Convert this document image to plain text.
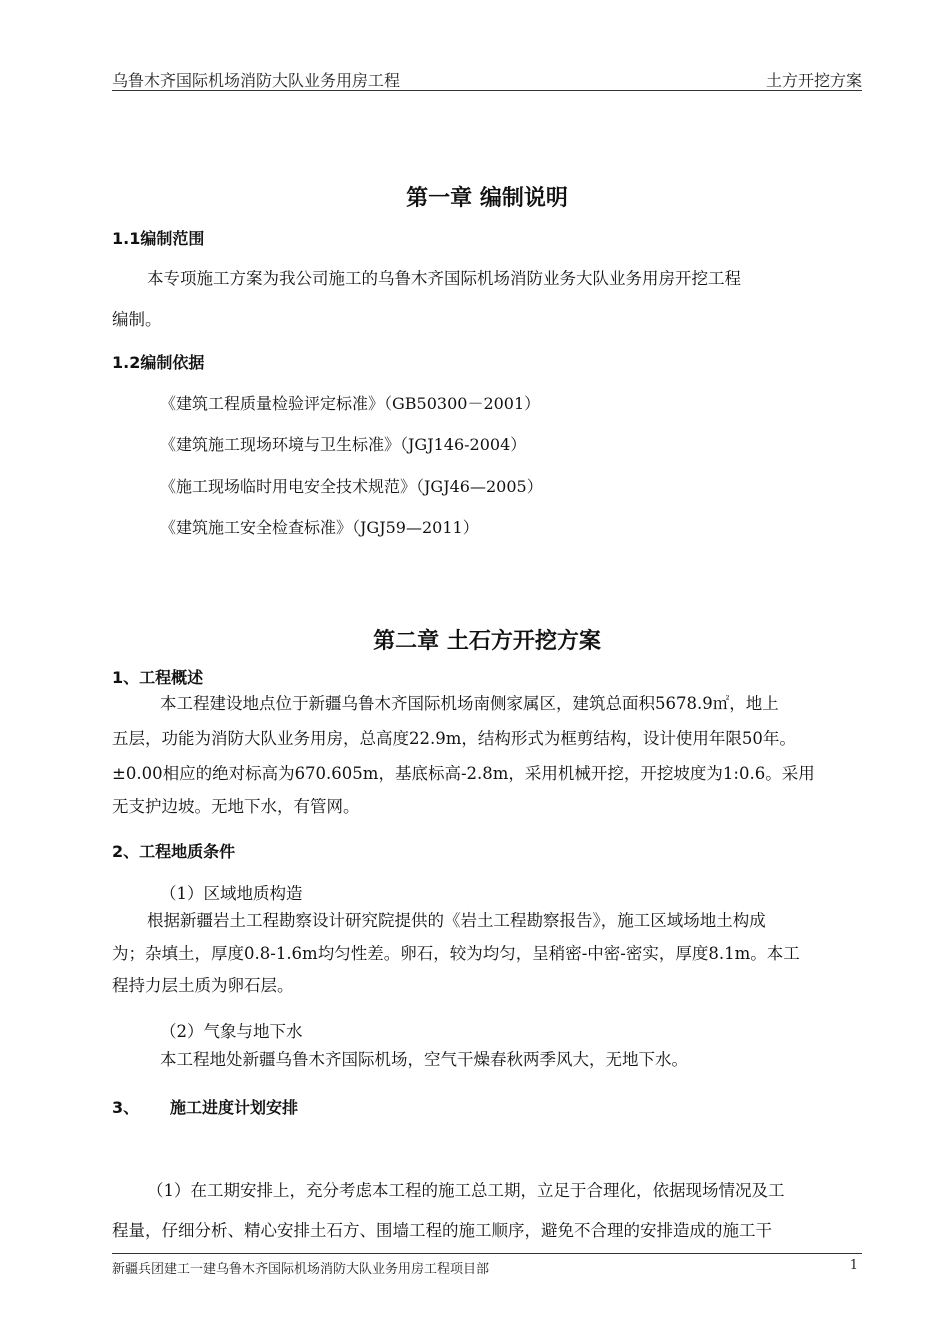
乌鲁木齐国际机场消防大队业务用房工程	土方开挖方案
第一章 编制说明
1.1编制范围
本专项施工方案为我公司施工的乌鲁木齐国际机场消防业务大队业务用房开挖工程
编制。
1.2编制依据
《建筑工程质量检验评定标准》（GB50300－2001）
《建筑施工现场环境与卫生标准》（JGJ146-2004）
《施工现场临时用电安全技术规范》（JGJ46—2005）
《建筑施工安全检查标准》（JGJ59—2011）
第二章 土石方开挖方案
1、工程概述
本工程建设地点位于新疆乌鲁木齐国际机场南侧家属区，建筑总面积5678.9㎡，地上
五层，功能为消防大队业务用房，总高度22.9m，结构形式为框剪结构，设计使用年限50年。
±0.00相应的绝对标高为670.605m，基底标高-2.8m，采用机械开挖，开挖坡度为1:0.6。采用
无支护边坡。无地下水，有管网。
2、工程地质条件
（1）区域地质构造
根据新疆岩土工程勘察设计研究院提供的《岩土工程勘察报告》，施工区域场地土构成
为；杂填土，厚度0.8-1.6m均匀性差。卵石，较为均匀，呈稍密-中密-密实，厚度8.1m。本工
程持力层土质为卵石层。
（2）气象与地下水
本工程地处新疆乌鲁木齐国际机场，空气干燥春秋两季风大，无地下水。
3、 施工进度计划安排
（1）在工期安排上，充分考虑本工程的施工总工期，立足于合理化，依据现场情况及工
程量，仔细分析、精心安排土石方、围墙工程的施工顺序，避免不合理的安排造成的施工干
新疆兵团建工一建乌鲁木齐国际机场消防大队业务用房工程项目部	1
